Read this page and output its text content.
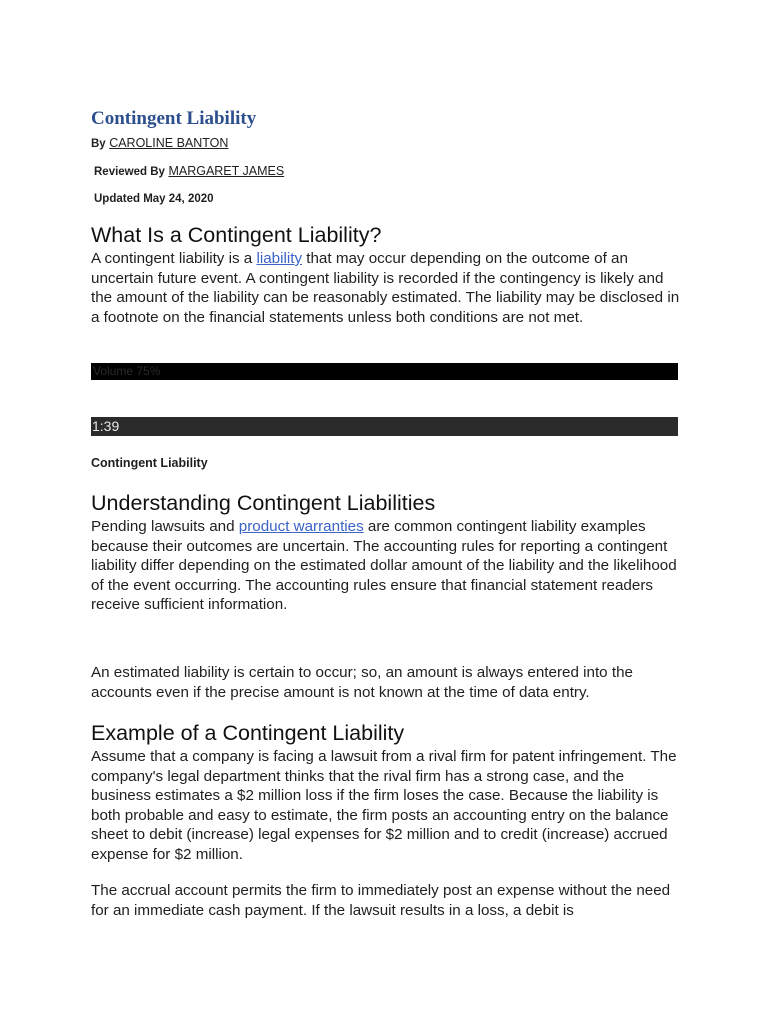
Contingent Liability
By CAROLINE BANTON
Reviewed By MARGARET JAMES
Updated May 24, 2020
What Is a Contingent Liability?

A contingent liability is a liability that may occur depending on the outcome of an uncertain future event. A contingent liability is recorded if the contingency is likely and the amount of the liability can be reasonably estimated. The liability may be disclosed in a footnote on the financial statements unless both conditions are not met.

Volume 75%
1:39
Contingent Liability
Understanding Contingent Liabilities

Pending lawsuits and product warranties are common contingent liability examples because their outcomes are uncertain. The accounting rules for reporting a contingent liability differ depending on the estimated dollar amount of the liability and the likelihood of the event occurring. The accounting rules ensure that financial statement readers receive sufficient information.

An estimated liability is certain to occur; so, an amount is always entered into the accounts even if the precise amount is not known at the time of data entry.

Example of a Contingent Liability

Assume that a company is facing a lawsuit from a rival firm for patent infringement. The company's legal department thinks that the rival firm has a strong case, and the business estimates a $2 million loss if the firm loses the case. Because the liability is both probable and easy to estimate, the firm posts an accounting entry on the balance sheet to debit (increase) legal expenses for $2 million and to credit (increase) accrued expense for $2 million.

The accrual account permits the firm to immediately post an expense without the need for an immediate cash payment. If the lawsuit results in a loss, a debit is
